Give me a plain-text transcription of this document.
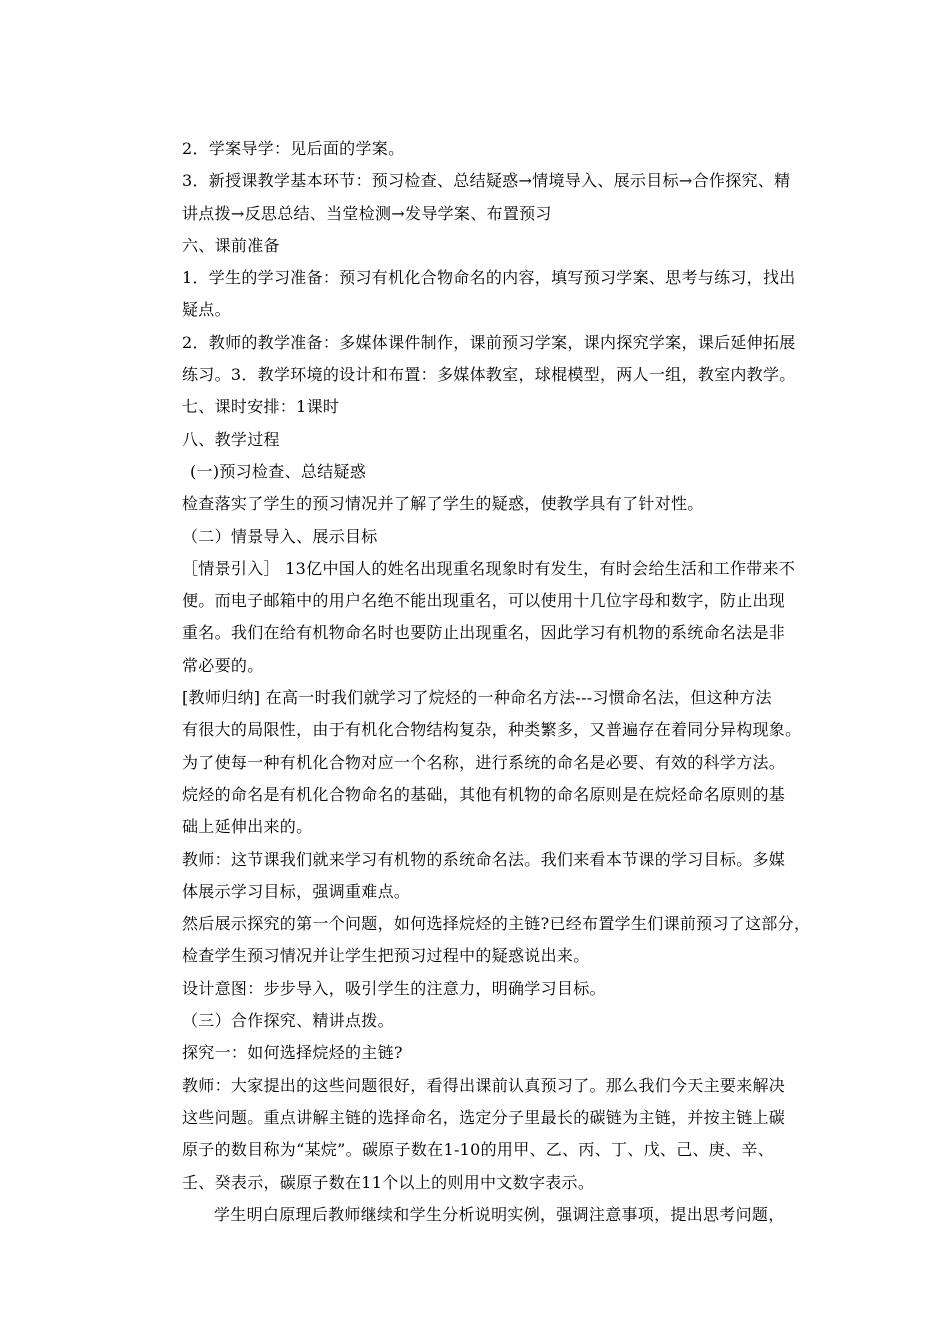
2．学案导学：见后面的学案。
3．新授课教学基本环节：预习检查、总结疑惑→情境导入、展示目标→合作探究、精
讲点拨→反思总结、当堂检测→发导学案、布置预习
六、课前准备
1．学生的学习准备：预习有机化合物命名的内容，填写预习学案、思考与练习，找出
疑点。
2．教师的教学准备：多媒体课件制作，课前预习学案，课内探究学案，课后延伸拓展
练习。3．教学环境的设计和布置：多媒体教室，球棍模型，两人一组，教室内教学。
七、课时安排：1课时
八、教学过程
(一)预习检查、总结疑惑
检查落实了学生的预习情况并了解了学生的疑惑，使教学具有了针对性。
（二）情景导入、展示目标
［情景引入］ 13亿中国人的姓名出现重名现象时有发生，有时会给生活和工作带来不
便。而电子邮箱中的用户名绝不能出现重名，可以使用十几位字母和数字，防止出现
重名。我们在给有机物命名时也要防止出现重名，因此学习有机物的系统命名法是非
常必要的。
[教师归纳] 在高一时我们就学习了烷烃的一种命名方法---习惯命名法，但这种方法
有很大的局限性，由于有机化合物结构复杂，种类繁多，又普遍存在着同分异构现象。
为了使每一种有机化合物对应一个名称，进行系统的命名是必要、有效的科学方法。
烷烃的命名是有机化合物命名的基础，其他有机物的命名原则是在烷烃命名原则的基
础上延伸出来的。
教师：这节课我们就来学习有机物的系统命名法。我们来看本节课的学习目标。多媒
体展示学习目标，强调重难点。
然后展示探究的第一个问题，如何选择烷烃的主链?已经布置学生们课前预习了这部分，
检查学生预习情况并让学生把预习过程中的疑惑说出来。
设计意图：步步导入，吸引学生的注意力，明确学习目标。
（三）合作探究、精讲点拨。
探究一：如何选择烷烃的主链?
教师：大家提出的这些问题很好，看得出课前认真预习了。那么我们今天主要来解决
这些问题。重点讲解主链的选择命名，选定分子里最长的碳链为主链，并按主链上碳
原子的数目称为“某烷”。碳原子数在1-10的用甲、乙、丙、丁、戊、己、庚、辛、
壬、癸表示，碳原子数在11个以上的则用中文数字表示。
学生明白原理后教师继续和学生分析说明实例，强调注意事项，提出思考问题，
